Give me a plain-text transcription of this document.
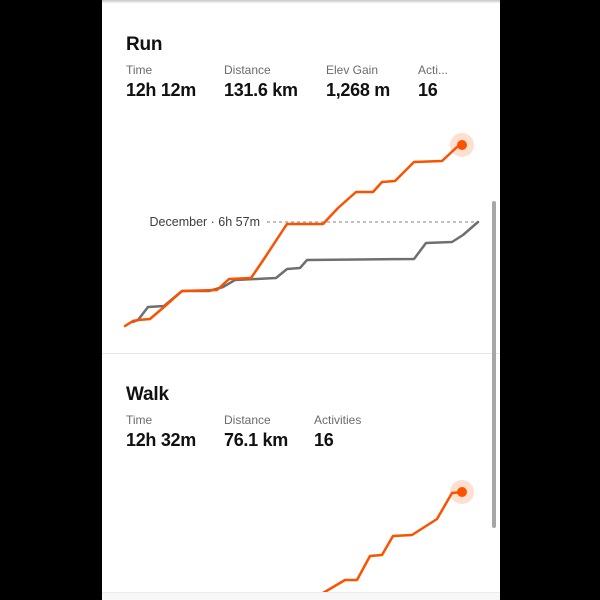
Run
Time
12h 12m
Distance
131.6 km
Elev Gain
1,268 m
Acti...
16
December · 6h 57m
Walk
Time
12h 32m
Distance
76.1 km
Activities
16
